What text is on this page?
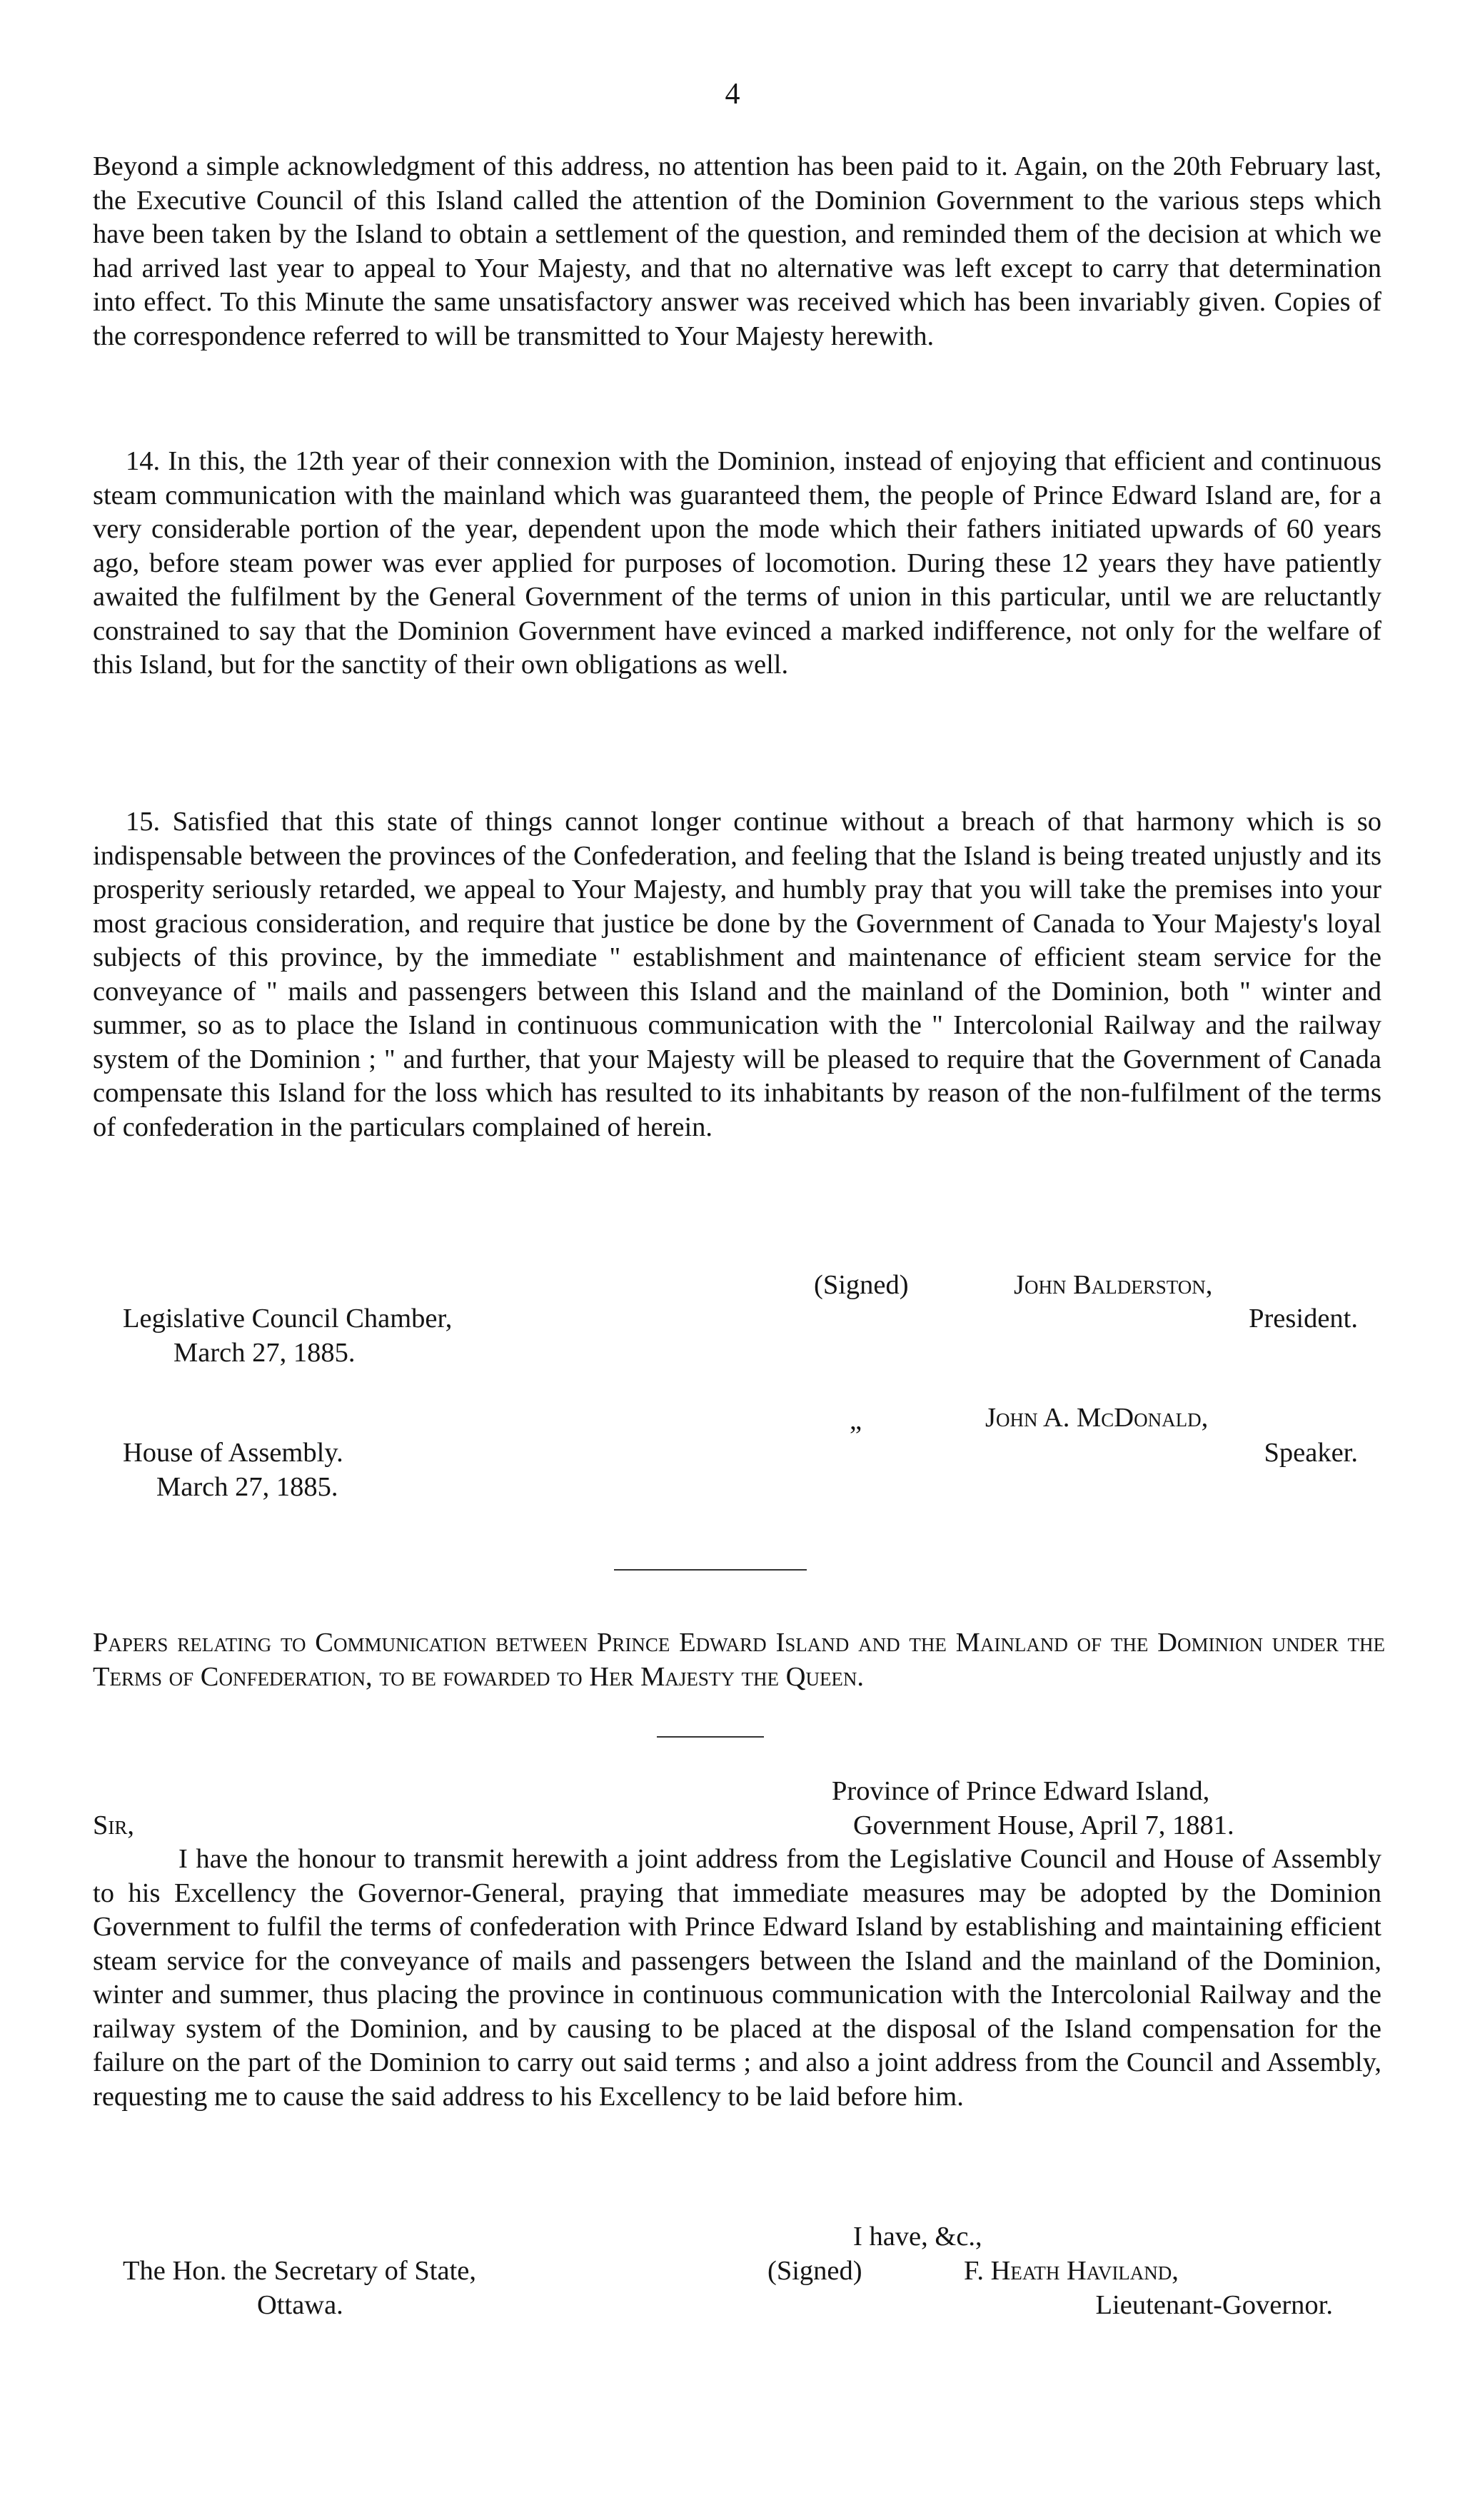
4

Beyond a simple acknowledgment of this address, no attention has been paid to it. Again, on the 20th February last, the Executive Council of this Island called the attention of the Dominion Government to the various steps which have been taken by the Island to obtain a settlement of the question, and reminded them of the decision at which we had arrived last year to appeal to Your Majesty, and that no alternative was left except to carry that determination into effect. To this Minute the same unsatisfactory answer was received which has been invariably given. Copies of the correspondence referred to will be transmitted to Your Majesty herewith.

14. In this, the 12th year of their connexion with the Dominion, instead of enjoying that efficient and continuous steam communication with the mainland which was guaranteed them, the people of Prince Edward Island are, for a very considerable portion of the year, dependent upon the mode which their fathers initiated upwards of 60 years ago, before steam power was ever applied for purposes of locomotion. During these 12 years they have patiently awaited the fulfilment by the General Government of the terms of union in this particular, until we are reluctantly constrained to say that the Dominion Government have evinced a marked indifference, not only for the welfare of this Island, but for the sanctity of their own obligations as well.

15. Satisfied that this state of things cannot longer continue without a breach of that harmony which is so indispensable between the provinces of the Confederation, and feeling that the Island is being treated unjustly and its prosperity seriously retarded, we appeal to Your Majesty, and humbly pray that you will take the premises into your most gracious consideration, and require that justice be done by the Government of Canada to Your Majesty's loyal subjects of this province, by the immediate " establishment and maintenance of efficient steam service for the conveyance of " mails and passengers between this Island and the mainland of the Dominion, both " winter and summer, so as to place the Island in continuous communication with the " Intercolonial Railway and the railway system of the Dominion ; " and further, that your Majesty will be pleased to require that the Government of Canada compensate this Island for the loss which has resulted to its inhabitants by reason of the non-fulfilment of the terms of confederation in the particulars complained of herein.

(Signed)	John Balderston,
President.
Legislative Council Chamber,
March 27, 1885.
„	John A. McDonald,
Speaker.
House of Assembly.
March 27, 1885.

Papers relating to Communication between Prince Edward Island and the Mainland of the Dominion under the Terms of Confederation, to be fowarded to Her Majesty the Queen.

Province of Prince Edward Island,
Government House, April 7, 1881.
Sir,

I have the honour to transmit herewith a joint address from the Legislative Council and House of Assembly to his Excellency the Governor-General, praying that immediate measures may be adopted by the Dominion Government to fulfil the terms of confederation with Prince Edward Island by establishing and maintaining efficient steam service for the conveyance of mails and passengers between the Island and the mainland of the Dominion, winter and summer, thus placing the province in continuous communication with the Intercolonial Railway and the railway system of the Dominion, and by causing to be placed at the disposal of the Island compensation for the failure on the part of the Dominion to carry out said terms ; and also a joint address from the Council and Assembly, requesting me to cause the said address to his Excellency to be laid before him.

I have, &c.,
(Signed)	F. Heath Haviland,
Lieutenant-Governor.
The Hon. the Secretary of State,
Ottawa.
